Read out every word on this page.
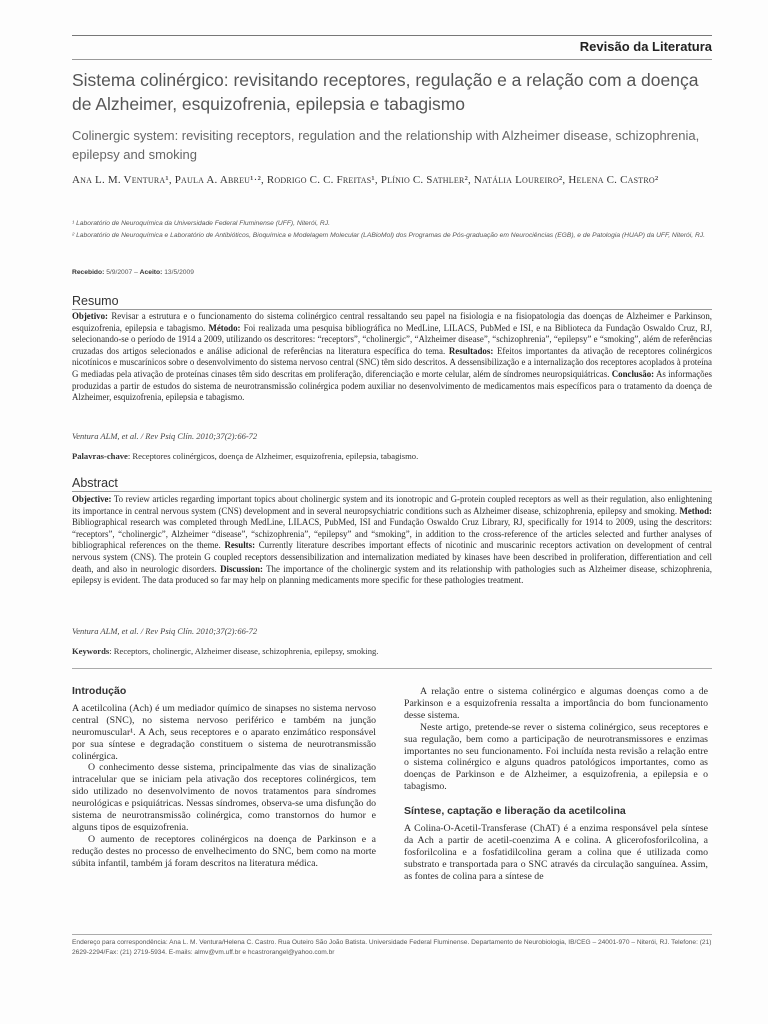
Revisão da Literatura
Sistema colinérgico: revisitando receptores, regulação e a relação com a doença de Alzheimer, esquizofrenia, epilepsia e tabagismo
Colinergic system: revisiting receptors, regulation and the relationship with Alzheimer disease, schizophrenia, epilepsy and smoking
Ana L. M. Ventura¹, Paula A. Abreu¹·², Rodrigo C. C. Freitas¹, Plínio C. Sathler², Natália Loureiro², Helena C. Castro²

¹ Laboratório de Neuroquímica da Universidade Federal Fluminense (UFF), Niterói, RJ.

² Laboratório de Neuroquímica e Laboratório de Antibióticos, Bioquímica e Modelagem Molecular (LABioMol) dos Programas de Pós-graduação em Neurociências (EGB), e de Patologia (HUAP) da UFF, Niterói, RJ.

Recebido: 5/9/2007 – Aceito: 13/5/2009
Resumo
Objetivo: Revisar a estrutura e o funcionamento do sistema colinérgico central ressaltando seu papel na fisiologia e na fisiopatologia das doenças de Alzheimer e Parkinson, esquizofrenia, epilepsia e tabagismo. Método: Foi realizada uma pesquisa bibliográfica no MedLine, LILACS, PubMed e ISI, e na Biblioteca da Fundação Oswaldo Cruz, RJ, selecionando-se o período de 1914 a 2009, utilizando os descritores: “receptors”, “cholinergic”, “Alzheimer disease”, “schizophrenia”, “epilepsy” e “smoking”, além de referências cruzadas dos artigos selecionados e análise adicional de referências na literatura específica do tema. Resultados: Efeitos importantes da ativação de receptores colinérgicos nicotínicos e muscarínicos sobre o desenvolvimento do sistema nervoso central (SNC) têm sido descritos. A dessensibilização e a internalização dos receptores acoplados à proteína G mediadas pela ativação de proteínas cinases têm sido descritas em proliferação, diferenciação e morte celular, além de síndromes neuropsiquiátricas. Conclusão: As informações produzidas a partir de estudos do sistema de neurotransmissão colinérgica podem auxiliar no desenvolvimento de medicamentos mais específicos para o tratamento da doença de Alzheimer, esquizofrenia, epilepsia e tabagismo.
Ventura ALM, et al. / Rev Psiq Clín. 2010;37(2):66-72
Palavras-chave: Receptores colinérgicos, doença de Alzheimer, esquizofrenia, epilepsia, tabagismo.
Abstract
Objective: To review articles regarding important topics about cholinergic system and its ionotropic and G-protein coupled receptors as well as their regulation, also enlightening its importance in central nervous system (CNS) development and in several neuropsychiatric conditions such as Alzheimer disease, schizophrenia, epilepsy and smoking. Method: Bibliographical research was completed through MedLine, LILACS, PubMed, ISI and Fundação Oswaldo Cruz Library, RJ, specifically for 1914 to 2009, using the descritors: “receptors”, “cholinergic”, Alzheimer “disease”, “schizophrenia”, “epilepsy” and “smoking”, in addition to the cross-reference of the articles selected and further analyses of bibliographical references on the theme. Results: Currently literature describes important effects of nicotinic and muscarinic receptors activation on development of central nervous system (CNS). The protein G coupled receptors dessensibilization and internalization mediated by kinases have been described in proliferation, differentiation and cell death, and also in neurologic disorders. Discussion: The importance of the cholinergic system and its relationship with pathologies such as Alzheimer disease, schizophrenia, epilepsy is evident. The data produced so far may help on planning medicaments more specific for these pathologies treatment.
Ventura ALM, et al. / Rev Psiq Clín. 2010;37(2):66-72
Keywords: Receptors, cholinergic, Alzheimer disease, schizophrenia, epilepsy, smoking.
Introdução

A acetilcolina (Ach) é um mediador químico de sinapses no sistema nervoso central (SNC), no sistema nervoso periférico e também na junção neuromuscular¹. A Ach, seus receptores e o aparato enzimático responsável por sua síntese e degradação constituem o sistema de neurotransmissão colinérgica.

O conhecimento desse sistema, principalmente das vias de sinalização intracelular que se iniciam pela ativação dos receptores colinérgicos, tem sido utilizado no desenvolvimento de novos tratamentos para síndromes neurológicas e psiquiátricas. Nessas síndromes, observa-se uma disfunção do sistema de neurotransmissão colinérgica, como transtornos do humor e alguns tipos de esquizofrenia.

O aumento de receptores colinérgicos na doença de Parkinson e a redução destes no processo de envelhecimento do SNC, bem como na morte súbita infantil, também já foram descritos na literatura médica.

A relação entre o sistema colinérgico e algumas doenças como a de Parkinson e a esquizofrenia ressalta a importância do bom funcionamento desse sistema.

Neste artigo, pretende-se rever o sistema colinérgico, seus receptores e sua regulação, bem como a participação de neurotransmissores e enzimas importantes no seu funcionamento. Foi incluída nesta revisão a relação entre o sistema colinérgico e alguns quadros patológicos importantes, como as doenças de Parkinson e de Alzheimer, a esquizofrenia, a epilepsia e o tabagismo.

Síntese, captação e liberação da acetilcolina

A Colina-O-Acetil-Transferase (ChAT) é a enzima responsável pela síntese da Ach a partir de acetil-coenzima A e colina. A glicerofosforilcolina, a fosforilcolina e a fosfatidilcolina geram a colina que é utilizada como substrato e transportada para o SNC através da circulação sanguínea. Assim, as fontes de colina para a síntese de

Endereço para correspondência: Ana L. M. Ventura/Helena C. Castro. Rua Outeiro São João Batista. Universidade Federal Fluminense. Departamento de Neurobiologia, IB/CEG – 24001-970 – Niterói, RJ. Telefone: (21) 2629-2294/Fax: (21) 2719-5934. E-mails: almv@vm.uff.br e hcastrorangel@yahoo.com.br
